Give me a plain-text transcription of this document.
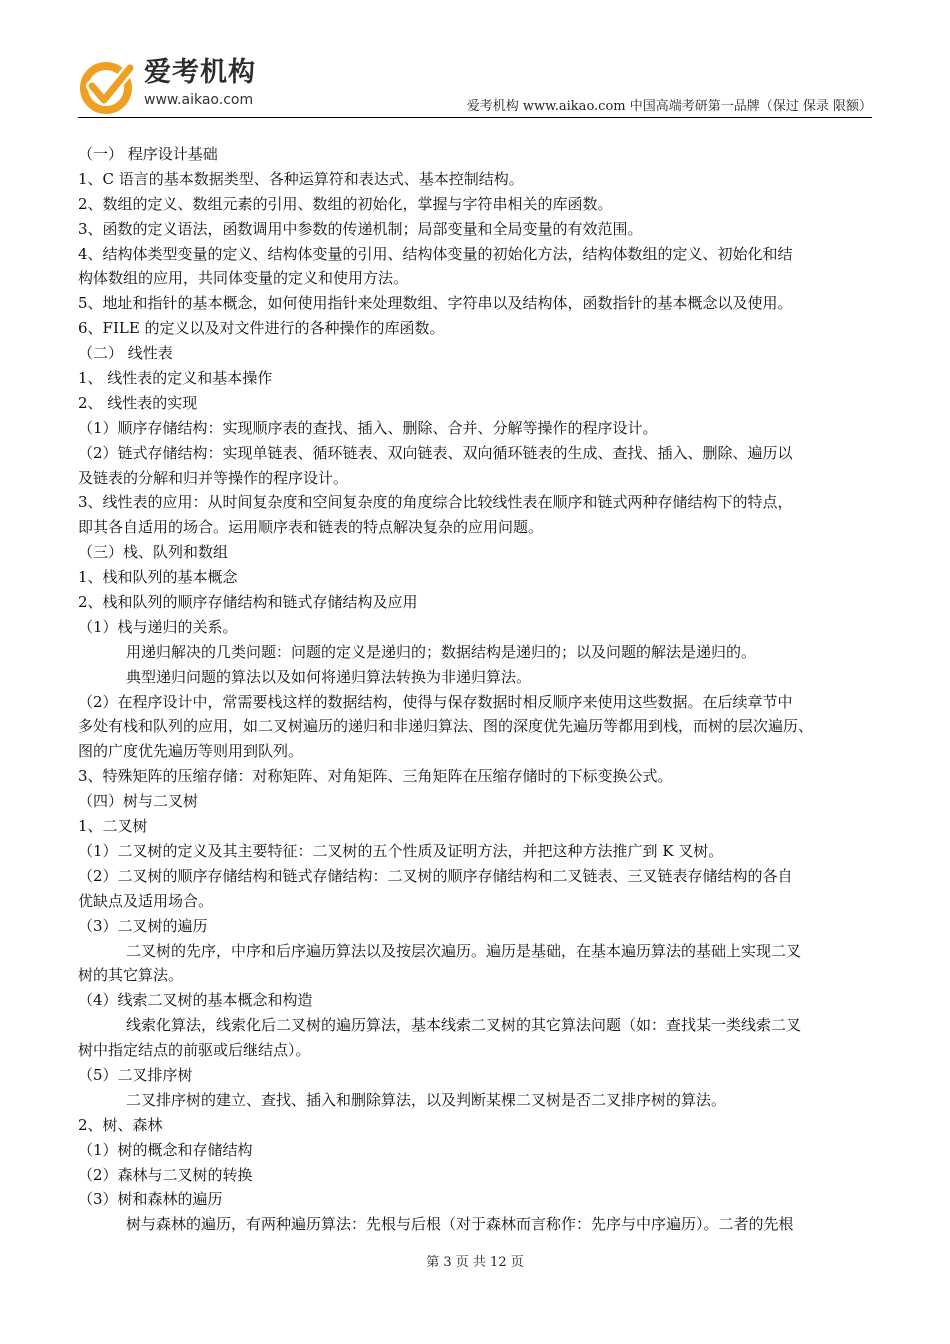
爱考机构
www.aikao.com	爱考机构 www.aikao.com 中国高端考研第一品牌（保过 保录 限额）
（一） 程序设计基础
1、C 语言的基本数据类型、各种运算符和表达式、基本控制结构。
2、数组的定义、数组元素的引用、数组的初始化，掌握与字符串相关的库函数。
3、函数的定义语法，函数调用中参数的传递机制；局部变量和全局变量的有效范围。
4、结构体类型变量的定义、结构体变量的引用、结构体变量的初始化方法，结构体数组的定义、初始化和结
构体数组的应用，共同体变量的定义和使用方法。
5、地址和指针的基本概念，如何使用指针来处理数组、字符串以及结构体，函数指针的基本概念以及使用。
6、FILE 的定义以及对文件进行的各种操作的库函数。
（二） 线性表
1、 线性表的定义和基本操作
2、 线性表的实现
（1）顺序存储结构：实现顺序表的查找、插入、删除、合并、分解等操作的程序设计。
（2）链式存储结构：实现单链表、循环链表、双向链表、双向循环链表的生成、查找、插入、删除、遍历以
及链表的分解和归并等操作的程序设计。
3、线性表的应用：从时间复杂度和空间复杂度的角度综合比较线性表在顺序和链式两种存储结构下的特点，
即其各自适用的场合。运用顺序表和链表的特点解决复杂的应用问题。
（三）栈、队列和数组
1、栈和队列的基本概念
2、栈和队列的顺序存储结构和链式存储结构及应用
（1）栈与递归的关系。
用递归解决的几类问题：问题的定义是递归的；数据结构是递归的；以及问题的解法是递归的。
典型递归问题的算法以及如何将递归算法转换为非递归算法。
（2）在程序设计中，常需要栈这样的数据结构，使得与保存数据时相反顺序来使用这些数据。在后续章节中
多处有栈和队列的应用，如二叉树遍历的递归和非递归算法、图的深度优先遍历等都用到栈，而树的层次遍历、
图的广度优先遍历等则用到队列。
3、特殊矩阵的压缩存储：对称矩阵、对角矩阵、三角矩阵在压缩存储时的下标变换公式。
（四）树与二叉树
1、二叉树
（1）二叉树的定义及其主要特征：二叉树的五个性质及证明方法，并把这种方法推广到 K 叉树。
（2）二叉树的顺序存储结构和链式存储结构：二叉树的顺序存储结构和二叉链表、三叉链表存储结构的各自
优缺点及适用场合。
（3）二叉树的遍历
二叉树的先序，中序和后序遍历算法以及按层次遍历。遍历是基础，在基本遍历算法的基础上实现二叉
树的其它算法。
（4）线索二叉树的基本概念和构造
线索化算法，线索化后二叉树的遍历算法，基本线索二叉树的其它算法问题（如：查找某一类线索二叉
树中指定结点的前驱或后继结点）。
（5）二叉排序树
二叉排序树的建立、查找、插入和删除算法，以及判断某棵二叉树是否二叉排序树的算法。
2、树、森林
（1）树的概念和存储结构
（2）森林与二叉树的转换
（3）树和森林的遍历
树与森林的遍历，有两种遍历算法：先根与后根（对于森林而言称作：先序与中序遍历）。二者的先根
第 3 页 共 12 页
